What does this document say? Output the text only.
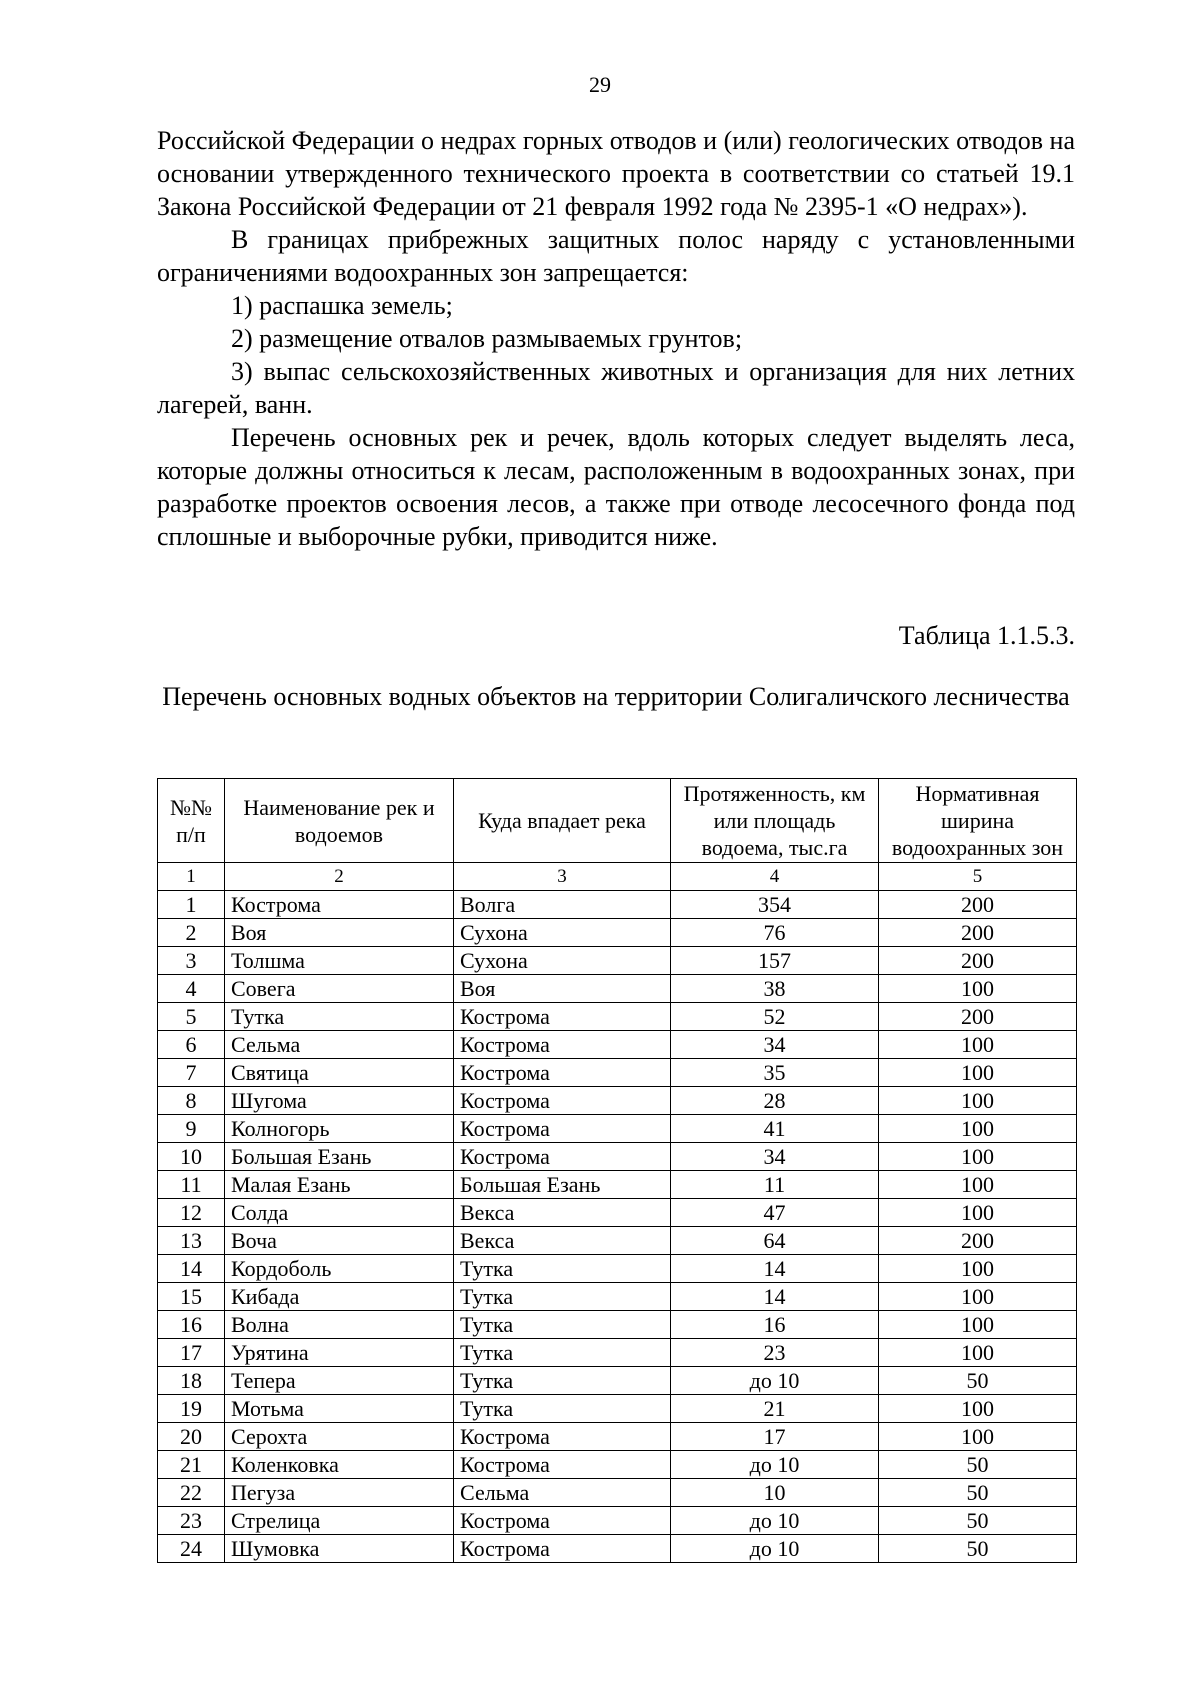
29

Российской Федерации о недрах горных отводов и (или) геологических отводов на основании утвержденного технического проекта в соответствии со статьей 19.1 Закона Российской Федерации от 21 февраля 1992 года № 2395-1 «О недрах»).

В границах прибрежных защитных полос наряду с установленными ограничениями водоохранных зон запрещается:

1) распашка земель;

2) размещение отвалов размываемых грунтов;

3) выпас сельскохозяйственных животных и организация для них летних лагерей, ванн.

Перечень основных рек и речек, вдоль которых следует выделять леса, которые должны относиться к лесам, расположенным в водоохранных зонах, при разработке проектов освоения лесов, а также при отводе лесосечного фонда под сплошные и выборочные рубки, приводится ниже.

Таблица 1.1.5.3.
Перечень основных водных объектов на территории Солигаличского лесничества
№№ п/п	Наименование рек и водоемов	Куда впадает река	Протяженность, км или площадь водоема, тыс.га	Нормативная ширина водоохранных зон
1	2	3	4	5
1	Кострома	Волга	354	200
2	Воя	Сухона	76	200
3	Толшма	Сухона	157	200
4	Совега	Воя	38	100
5	Тутка	Кострома	52	200
6	Сельма	Кострома	34	100
7	Святица	Кострома	35	100
8	Шугома	Кострома	28	100
9	Колногорь	Кострома	41	100
10	Большая Езань	Кострома	34	100
11	Малая Езань	Большая Езань	11	100
12	Солда	Векса	47	100
13	Воча	Векса	64	200
14	Кордоболь	Тутка	14	100
15	Кибада	Тутка	14	100
16	Волна	Тутка	16	100
17	Урятина	Тутка	23	100
18	Тепера	Тутка	до 10	50
19	Мотьма	Тутка	21	100
20	Серохта	Кострома	17	100
21	Коленковка	Кострома	до 10	50
22	Пегуза	Сельма	10	50
23	Стрелица	Кострома	до 10	50
24	Шумовка	Кострома	до 10	50
